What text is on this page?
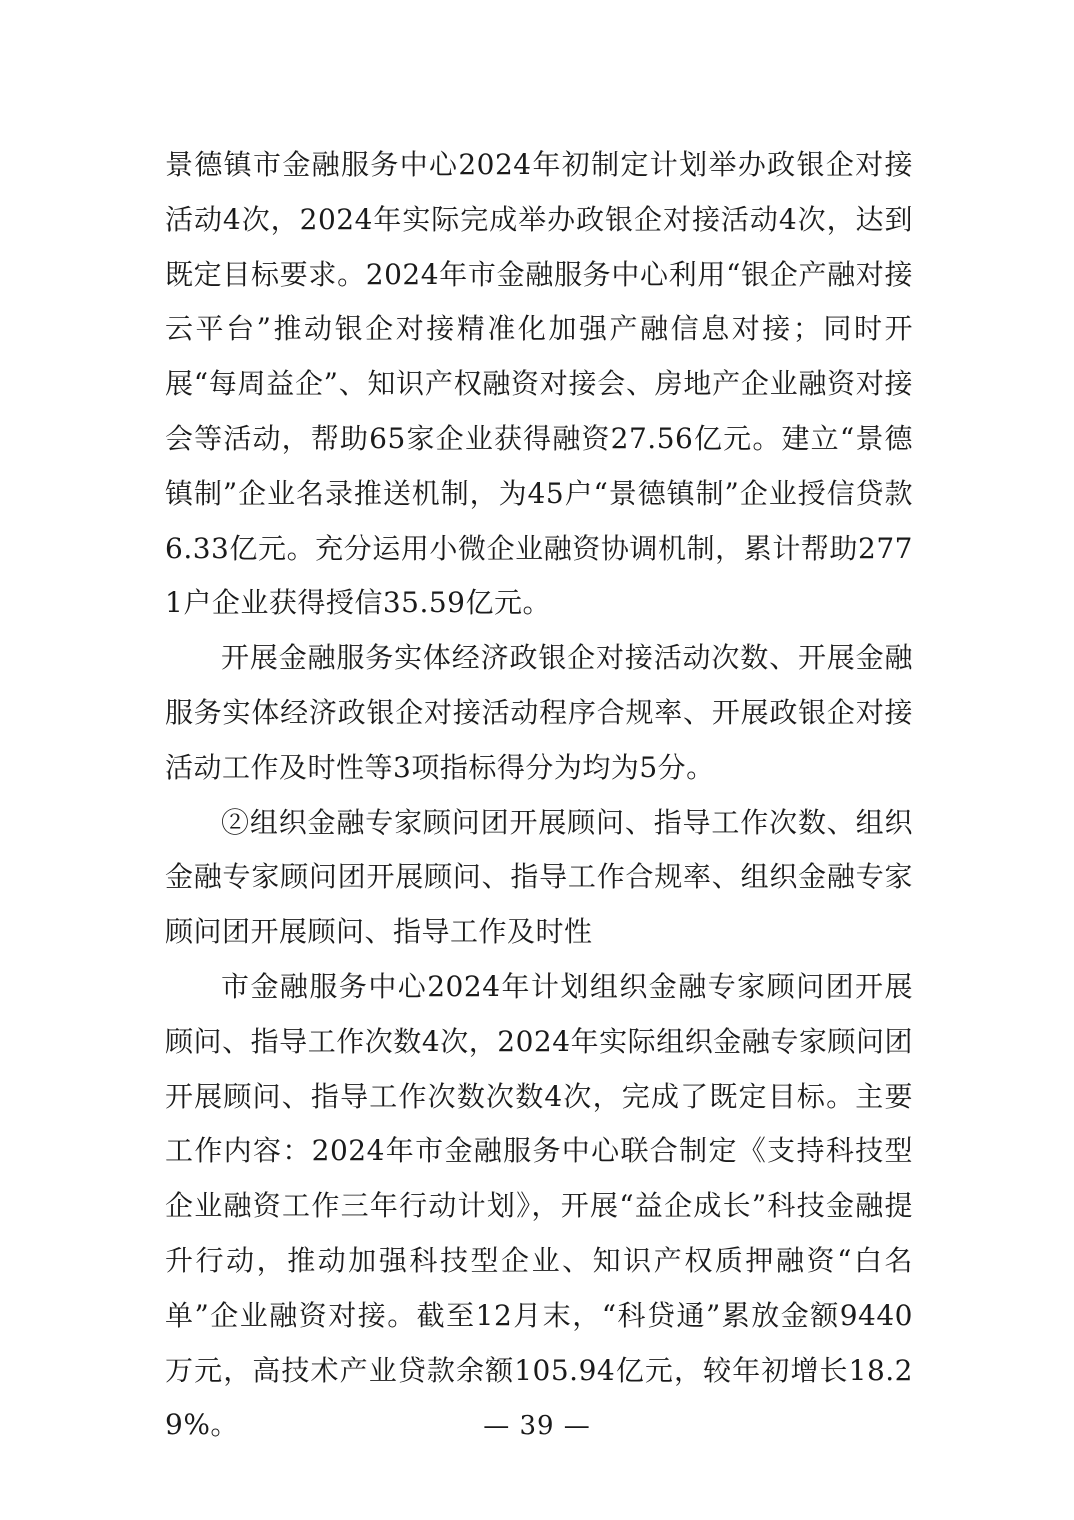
景德镇市金融服务中心2024年初制定计划举办政银企对接活动4次，2024年实际完成举办政银企对接活动4次，达到既定目标要求。2024年市金融服务中心利用“银企产融对接云平台”推动银企对接精准化加强产融信息对接；同时开展“每周益企”、知识产权融资对接会、房地产企业融资对接会等活动，帮助65家企业获得融资27.56亿元。建立“景德镇制”企业名录推送机制，为45户“景德镇制”企业授信贷款6.33亿元。充分运用小微企业融资协调机制，累计帮助2771户企业获得授信35.59亿元。

开展金融服务实体经济政银企对接活动次数、开展金融服务实体经济政银企对接活动程序合规率、开展政银企对接活动工作及时性等3项指标得分为均为5分。

②组织金融专家顾问团开展顾问、指导工作次数、组织金融专家顾问团开展顾问、指导工作合规率、组织金融专家顾问团开展顾问、指导工作及时性

市金融服务中心2024年计划组织金融专家顾问团开展顾问、指导工作次数4次，2024年实际组织金融专家顾问团开展顾问、指导工作次数次数4次，完成了既定目标。主要工作内容：2024年市金融服务中心联合制定《支持科技型企业融资工作三年行动计划》，开展“益企成长”科技金融提升行动，推动加强科技型企业、知识产权质押融资“白名单”企业融资对接。截至12月末，“科贷通”累放金额9440万元，高技术产业贷款余额105.94亿元，较年初增长18.29%。	— 39 —
